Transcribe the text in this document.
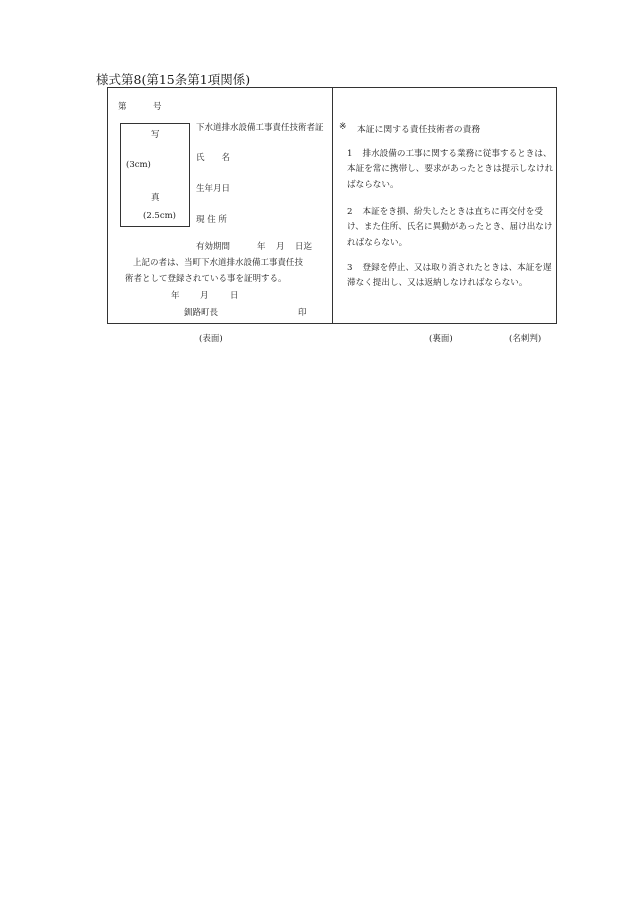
様式第8(第15条第1項関係)
第	号
写
(3cm)
真
(2.5cm)
下水道排水設備工事責任技術者証
氏　　名
生年月日
現 住 所
有効期間	年 月 日迄
上記の者は、当町下水道排水設備工事責任技
術者として登録されている事を証明する。
年 月	日
釧路町長	印
※ 本証に関する責任技術者の責務
1 排水設備の工事に関する業務に従事するときは、本証を常に携帯し、要求があったときは提示しなければならない。
2 本証をき損、紛失したときは直ちに再交付を受け、また住所、氏名に異動があったとき、届け出なければならない。
3 登録を停止、又は取り消されたときは、本証を遅滞なく提出し、又は返納しなければならない。
(表面)	(裏面)	(名刺判)
